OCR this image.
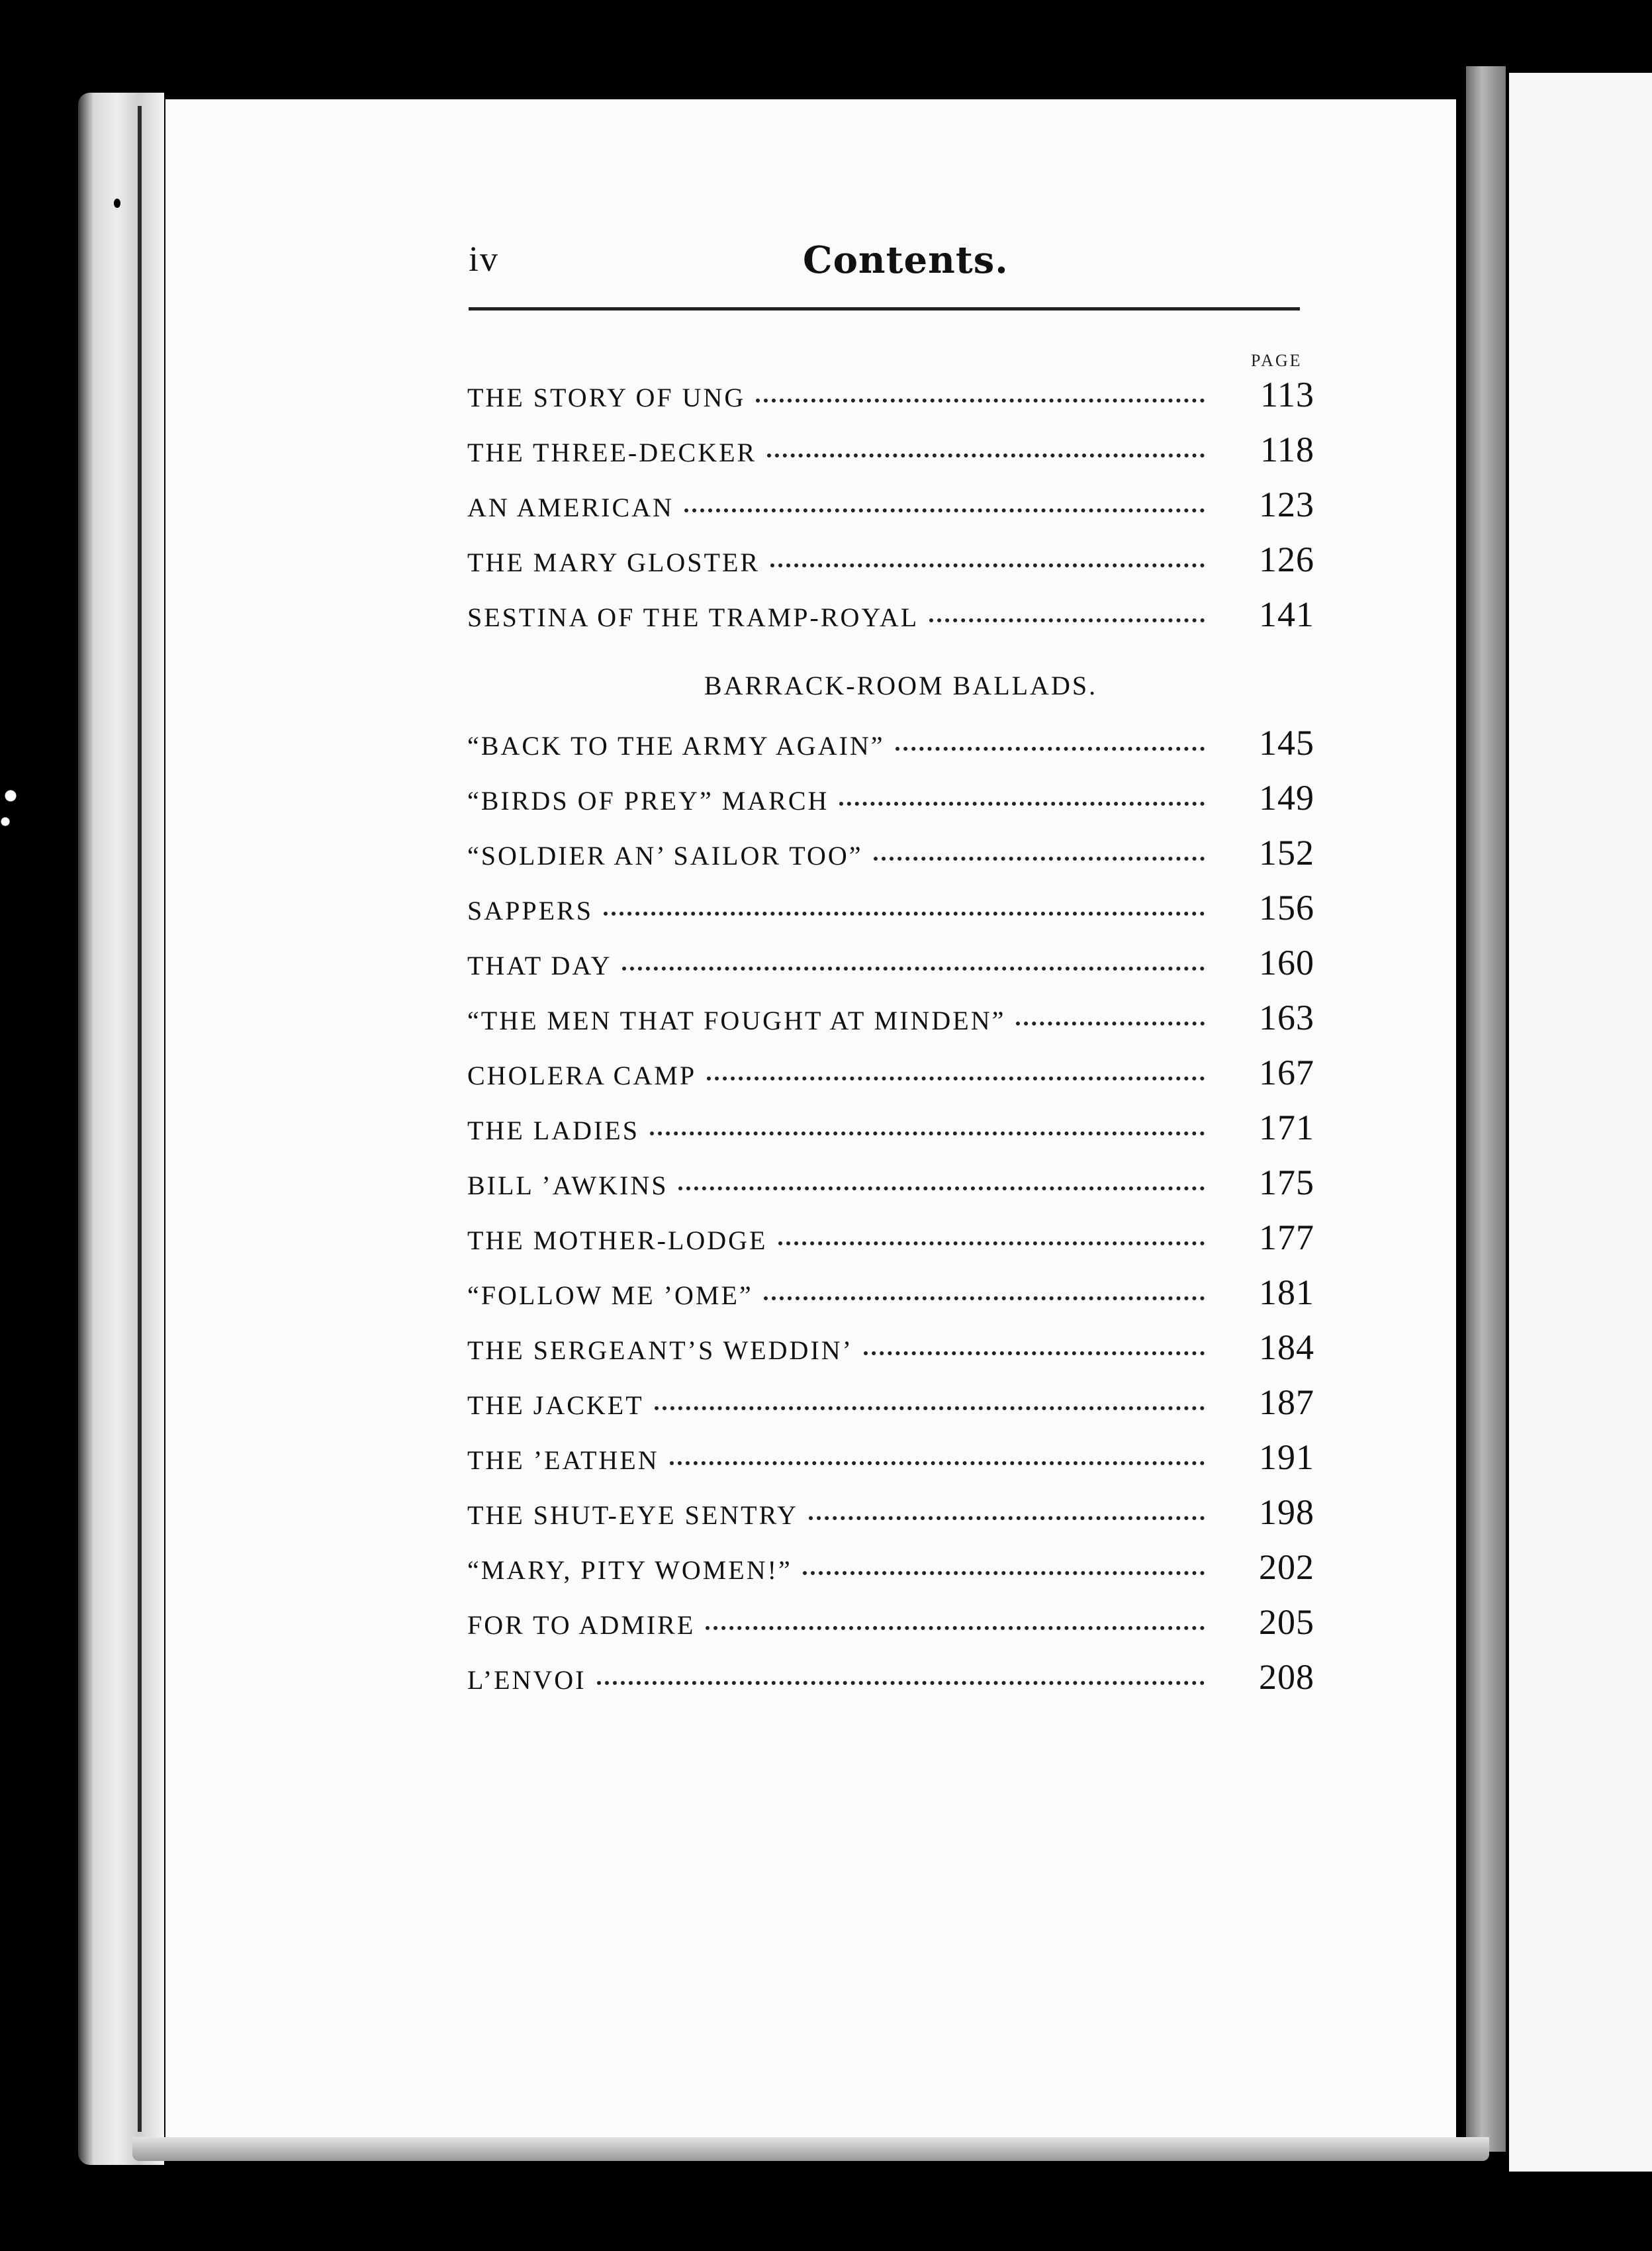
iv	Contents.
PAGE
THE STORY OF UNG	113
THE THREE-DECKER	118
AN AMERICAN	123
THE MARY GLOSTER	126
SESTINA OF THE TRAMP-ROYAL	141
BARRACK-ROOM BALLADS.
“BACK TO THE ARMY AGAIN”	145
“BIRDS OF PREY” MARCH	149
“SOLDIER AN’ SAILOR TOO”	152
SAPPERS	156
THAT DAY	160
“THE MEN THAT FOUGHT AT MINDEN”	163
CHOLERA CAMP	167
THE LADIES	171
BILL ’AWKINS	175
THE MOTHER-LODGE	177
“FOLLOW ME ’OME”	181
THE SERGEANT’S WEDDIN’	184
THE JACKET	187
THE ’EATHEN	191
THE SHUT-EYE SENTRY	198
“MARY, PITY WOMEN!”	202
FOR TO ADMIRE	205
L’ENVOI	208
